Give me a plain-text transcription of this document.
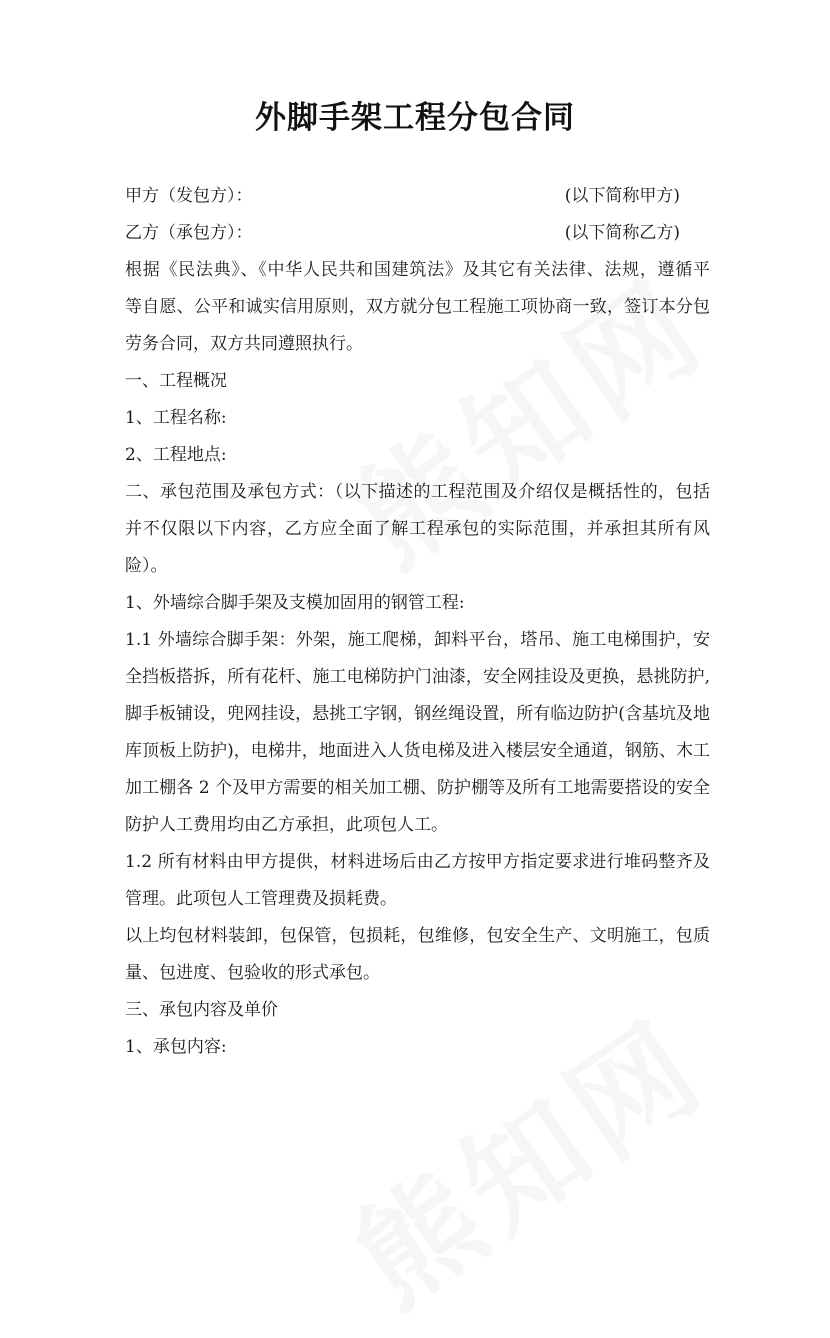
外脚手架工程分包合同
甲方（发包方）：	(以下简称甲方)
乙方（承包方）：	(以下简称乙方)
根据《民法典》、《中华人民共和国建筑法》及其它有关法律、法规，遵循平
等自愿、公平和诚实信用原则，双方就分包工程施工项协商一致，签订本分包
劳务合同，双方共同遵照执行。
一、工程概况
1、工程名称:
2、工程地点:
二、承包范围及承包方式：（以下描述的工程范围及介绍仅是概括性的，包括
并不仅限以下内容，乙方应全面了解工程承包的实际范围，并承担其所有风
险）。
1、外墙综合脚手架及支模加固用的钢管工程:
1.1 外墙综合脚手架：外架，施工爬梯，卸料平台，塔吊、施工电梯围护，安
全挡板搭拆，所有花杆、施工电梯防护门油漆，安全网挂设及更换，悬挑防护,
脚手板铺设，兜网挂设，悬挑工字钢，钢丝绳设置，所有临边防护(含基坑及地
库顶板上防护)，电梯井，地面进入人货电梯及进入楼层安全通道，钢筋、木工
加工棚各 2 个及甲方需要的相关加工棚、防护棚等及所有工地需要搭设的安全
防护人工费用均由乙方承担，此项包人工。
1.2 所有材料由甲方提供，材料进场后由乙方按甲方指定要求进行堆码整齐及
管理。此项包人工管理费及损耗费。
以上均包材料装卸，包保管，包损耗，包维修，包安全生产、文明施工，包质
量、包进度、包验收的形式承包。
三、承包内容及单价
1、承包内容:
